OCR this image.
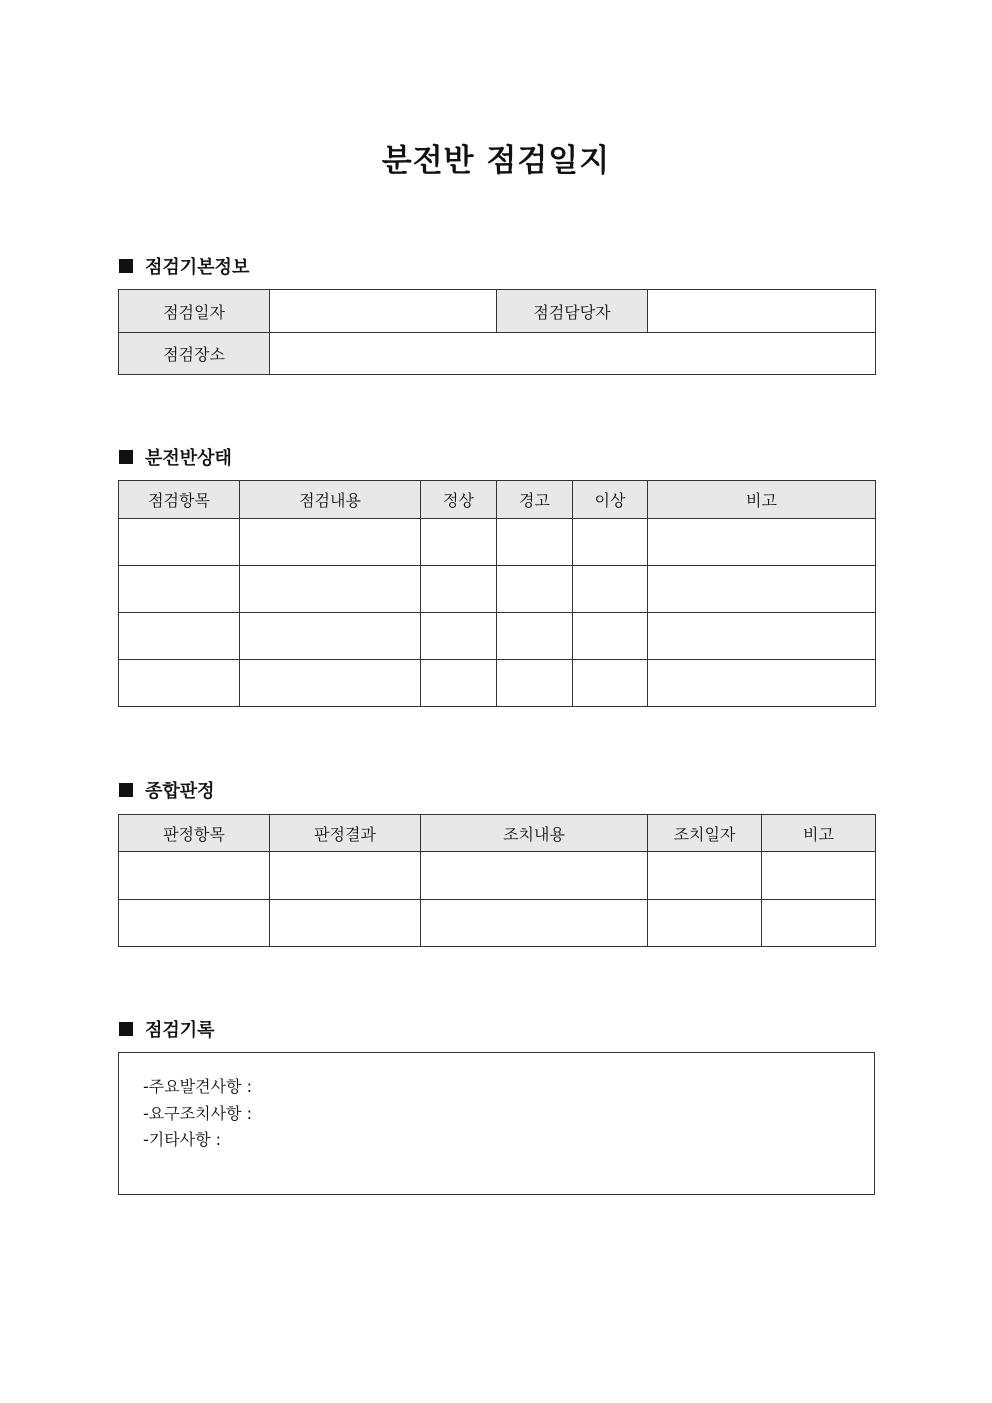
분전반 점검일지
점검기본정보
점검일자		점검담당자	
점검장소			
분전반상태
점검항목	점검내용	정상	경고	이상	비고

종합판정
판정항목	판정결과	조치내용	조치일자	비고

점검기록
-주요발견사항 :
-요구조치사항 :
-기타사항 :
